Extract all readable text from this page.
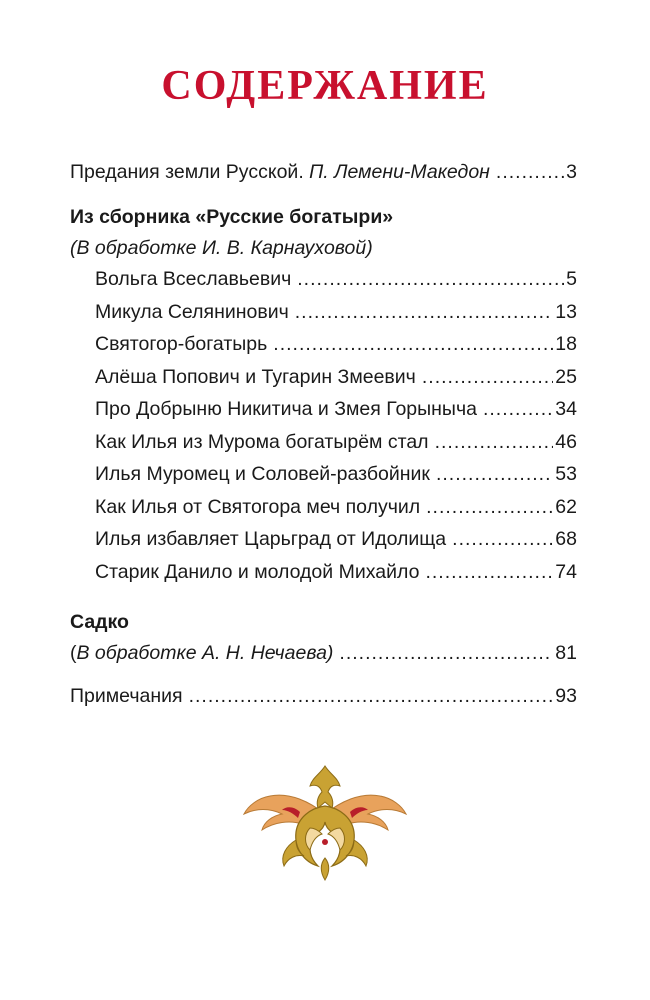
СОДЕРЖАНИЕ
Предания земли Русской. П. Лемени-Македон .....	3
Из сборника «Русские богатыри»
(В обработке И. В. Карнауховой)
Вольга Всеславьевич .....	5
Микула Селянинович .....	13
Святогор-богатырь .....	18
Алёша Попович и Тугарин Змеевич .....	25
Про Добрыню Никитича и Змея Горыныча .....	34
Как Илья из Мурома богатырём стал .....	46
Илья Муромец и Соловей-разбойник .....	53
Как Илья от Святогора меч получил .....	62
Илья избавляет Царьград от Идолища .....	68
Старик Данило и молодой Михайло .....	74
Садко
(В обработке А. Н. Нечаева) .....	81
Примечания .....	93
